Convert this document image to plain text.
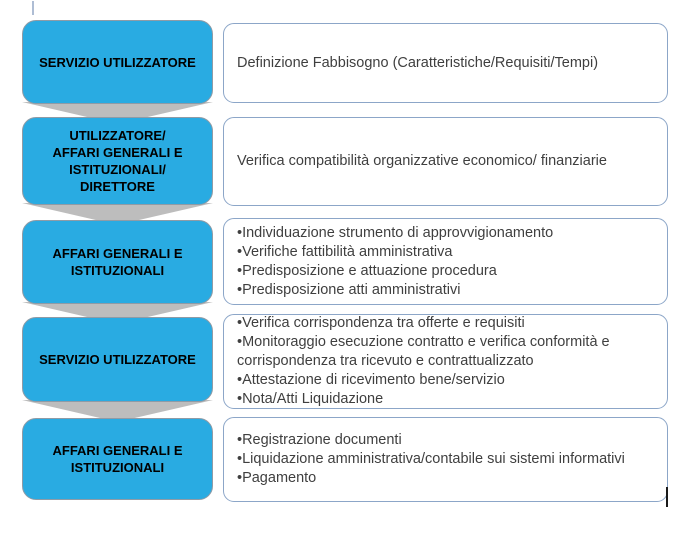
SERVIZIO UTILIZZATORE
UTILIZZATORE/
AFFARI GENERALI E
ISTITUZIONALI/
DIRETTORE
AFFARI GENERALI E
ISTITUZIONALI
SERVIZIO UTILIZZATORE
AFFARI GENERALI E
ISTITUZIONALI
Definizione Fabbisogno (Caratteristiche/Requisiti/Tempi)
Verifica compatibilità organizzative economico/ finanziarie
•Individuazione strumento di approvvigionamento
•Verifiche fattibilità amministrativa
•Predisposizione e attuazione procedura
•Predisposizione atti amministrativi
•Verifica corrispondenza tra offerte e requisiti
•Monitoraggio esecuzione contratto e verifica conformità e corrispondenza tra ricevuto e contrattualizzato
•Attestazione di ricevimento bene/servizio
•Nota/Atti Liquidazione
•Registrazione documenti
•Liquidazione amministrativa/contabile sui sistemi informativi
•Pagamento
